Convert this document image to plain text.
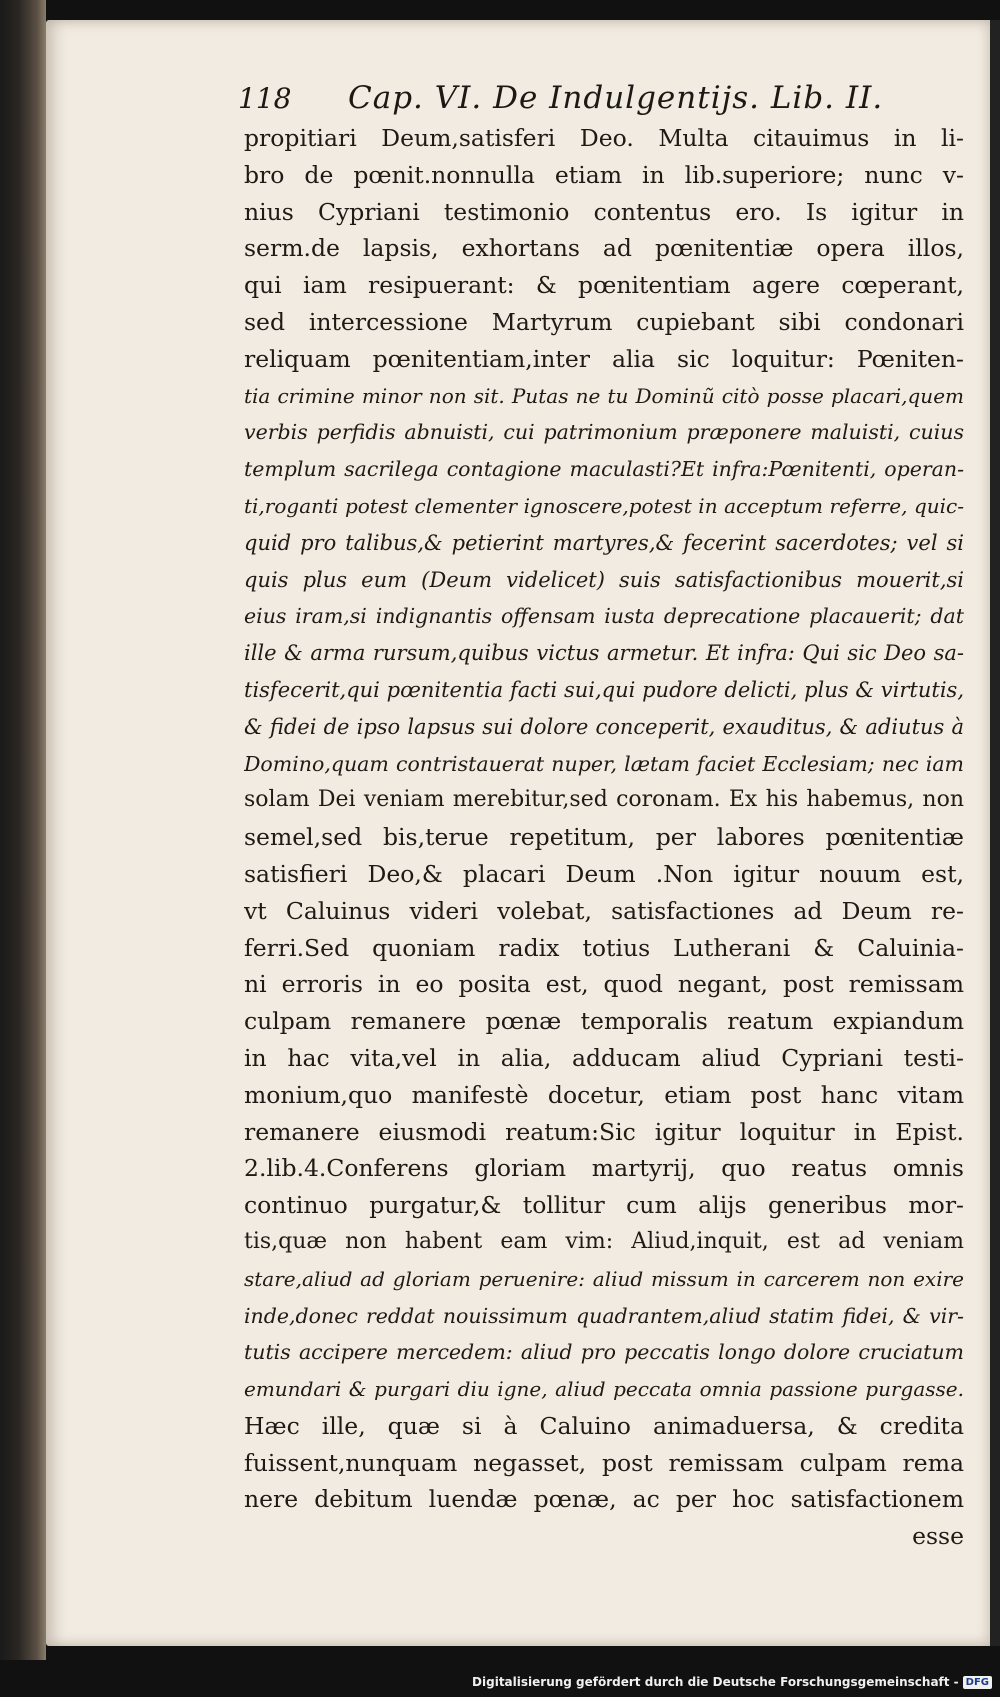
118 Cap. VI. De Indulgentijs. Lib. II.
propitiari Deum,satisferi Deo. Multa citauimus in li-
bro de pœnit.nonnulla etiam in lib.superiore; nunc v-
nius Cypriani testimonio contentus ero. Is igitur in
serm.de lapsis, exhortans ad pœnitentiæ opera illos,
qui iam resipuerant: & pœnitentiam agere cœperant,
sed intercessione Martyrum cupiebant sibi condonari
reliquam pœnitentiam,inter alia sic loquitur: Pœniten-
tia crimine minor non sit. Putas ne tu Dominũ citò posse placari,quem
verbis perfidis abnuisti, cui patrimonium præponere maluisti, cuius
templum sacrilega contagione maculasti?Et infra:Pœnitenti, operan-
ti,roganti potest clementer ignoscere,potest in acceptum referre, quic-
quid pro talibus,& petierint martyres,& fecerint sacerdotes; vel si
quis plus eum (Deum videlicet) suis satisfactionibus mouerit,si
eius iram,si indignantis offensam iusta deprecatione placauerit; dat
ille & arma rursum,quibus victus armetur. Et infra: Qui sic Deo sa-
tisfecerit,qui pœnitentia facti sui,qui pudore delicti, plus & virtutis,
& fidei de ipso lapsus sui dolore conceperit, exauditus, & adiutus à
Domino,quam contristauerat nuper, lætam faciet Ecclesiam; nec iam
solam Dei veniam merebitur,sed coronam. Ex his habemus, non
semel,sed bis,terue repetitum, per labores pœnitentiæ
satisfieri Deo,& placari Deum .Non igitur nouum est,
vt Caluinus videri volebat, satisfactiones ad Deum re-
ferri.Sed quoniam radix totius Lutherani & Caluinia-
ni erroris in eo posita est, quod negant, post remissam
culpam remanere pœnæ temporalis reatum expiandum
in hac vita,vel in alia, adducam aliud Cypriani testi-
monium,quo manifestè docetur, etiam post hanc vitam
remanere eiusmodi reatum:Sic igitur loquitur in Epist.
2.lib.4.Conferens gloriam martyrij, quo reatus omnis
continuo purgatur,& tollitur cum alijs generibus mor-
tis,quæ non habent eam vim: Aliud,inquit, est ad veniam
stare,aliud ad gloriam peruenire: aliud missum in carcerem non exire
inde,donec reddat nouissimum quadrantem,aliud statim fidei, & vir-
tutis accipere mercedem: aliud pro peccatis longo dolore cruciatum
emundari & purgari diu igne, aliud peccata omnia passione purgasse.
Hæc ille, quæ si à Caluino animaduersa, & credita
fuissent,nunquam negasset, post remissam culpam rema
nere debitum luendæ pœnæ, ac per hoc satisfactionem
esse
Digitalisierung gefördert durch die Deutsche Forschungsgemeinschaft - DFG
